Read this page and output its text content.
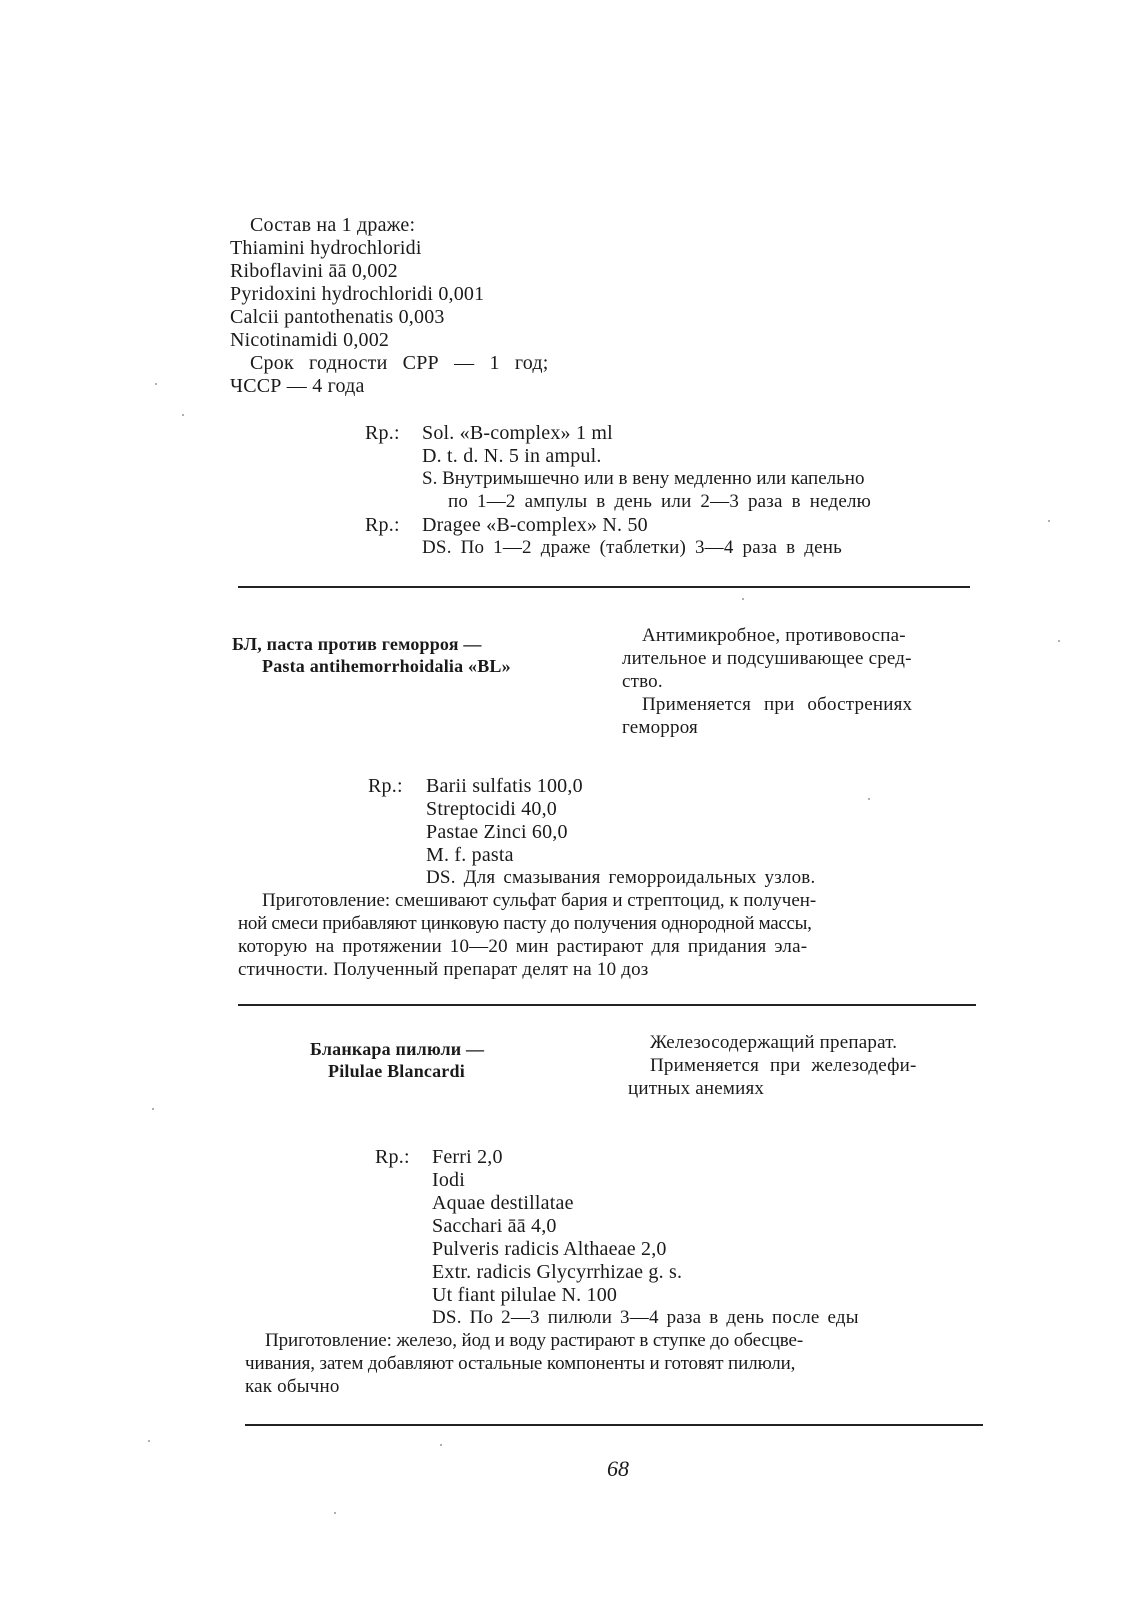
Состав на 1 драже:
Thiamini hydrochloridi
Riboflavini āā 0,002
Pyridoxini hydrochloridi 0,001
Calcii pantothenatis 0,003
Nicotinamidi 0,002
Срок годности СРР — 1 год;
ЧССР — 4 года
Rp.: Sol. «B-complex» 1 ml
D. t. d. N. 5 in ampul.
S. Внутримышечно или в вену медленно или капельно
по 1—2 ампулы в день или 2—3 раза в неделю
Rp.: Dragee «B-complex» N. 50
DS. По 1—2 драже (таблетки) 3—4 раза в день
БЛ, паста против геморроя —
Pasta antihemorrhoidalia «BL»
Антимикробное, противовоспа-
лительное и подсушивающее сред-
ство.
Применяется при обострениях
геморроя
Rp.: Barii sulfatis 100,0
Streptocidi 40,0
Pastae Zinci 60,0
M. f. pasta
DS. Для смазывания геморроидальных узлов.
Приготовление: смешивают сульфат бария и стрептоцид, к получен-
ной смеси прибавляют цинковую пасту до получения однородной массы,
которую на протяжении 10—20 мин растирают для придания эла-
стичности. Полученный препарат делят на 10 доз
Бланкара пилюли —
Pilulae Blancardi
Железосодержащий препарат.
Применяется при железодефи-
цитных анемиях
Rp.: Ferri 2,0
Iodi
Aquae destillatae
Sacchari āā 4,0
Pulveris radicis Althaeae 2,0
Extr. radicis Glycyrrhizae g. s.
Ut fiant pilulae N. 100
DS. По 2—3 пилюли 3—4 раза в день после еды
Приготовление: железо, йод и воду растирают в ступке до обесцве-
чивания, затем добавляют остальные компоненты и готовят пилюли,
как обычно
68
